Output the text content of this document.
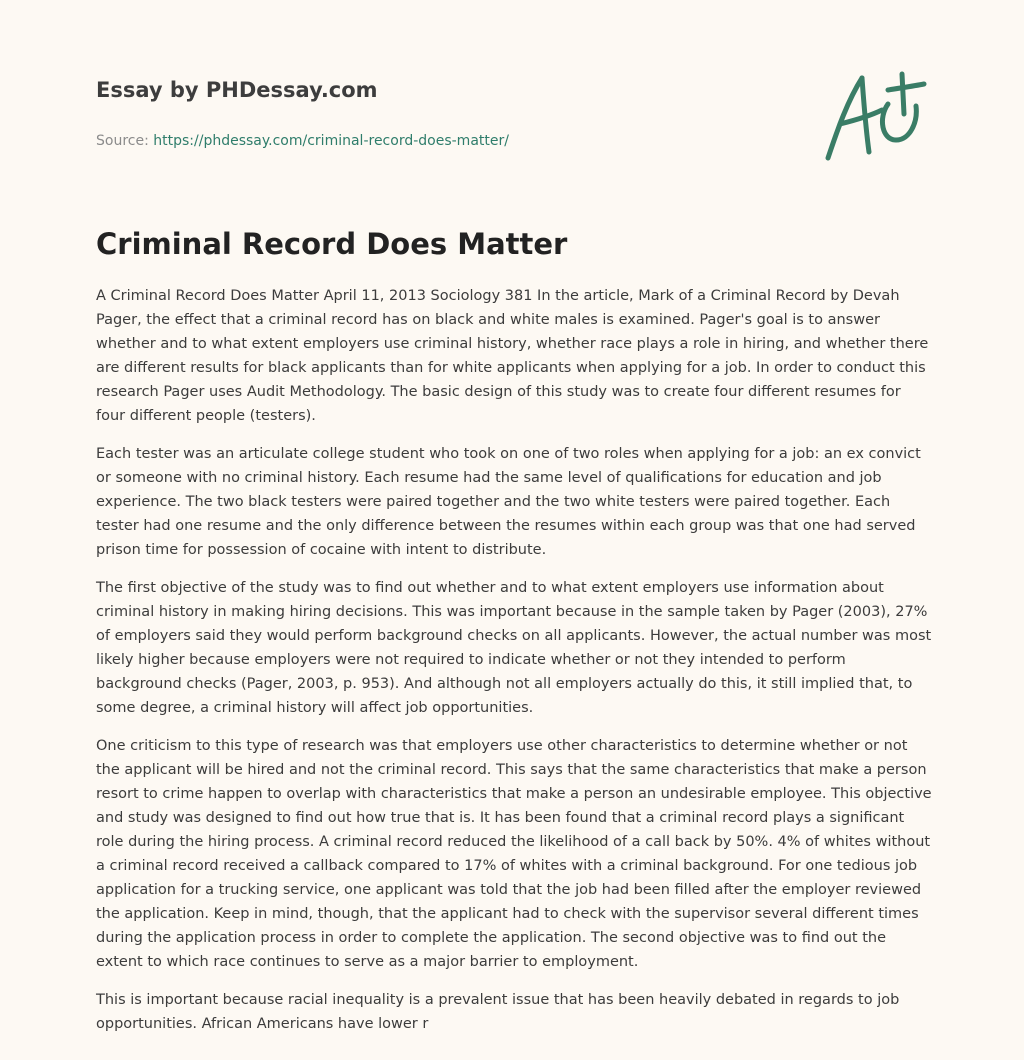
Essay by PHDessay.com
Source: https://phdessay.com/criminal-record-does-matter/
Criminal Record Does Matter

A Criminal Record Does Matter April 11, 2013 Sociology 381 In the article, Mark of a Criminal Record by Devah Pager, the effect that a criminal record has on black and white males is examined. Pager's goal is to answer whether and to what extent employers use criminal history, whether race plays a role in hiring, and whether there are different results for black applicants than for white applicants when applying for a job. In order to conduct this research Pager uses Audit Methodology. The basic design of this study was to create four different resumes for four different people (testers).

Each tester was an articulate college student who took on one of two roles when applying for a job: an ex convict or someone with no criminal history. Each resume had the same level of qualifications for education and job experience. The two black testers were paired together and the two white testers were paired together. Each tester had one resume and the only difference between the resumes within each group was that one had served prison time for possession of cocaine with intent to distribute.

The first objective of the study was to find out whether and to what extent employers use information about criminal history in making hiring decisions. This was important because in the sample taken by Pager (2003), 27% of employers said they would perform background checks on all applicants. However, the actual number was most likely higher because employers were not required to indicate whether or not they intended to perform background checks (Pager, 2003, p. 953). And although not all employers actually do this, it still implied that, to some degree, a criminal history will affect job opportunities.

One criticism to this type of research was that employers use other characteristics to determine whether or not the applicant will be hired and not the criminal record. This says that the same characteristics that make a person resort to crime happen to overlap with characteristics that make a person an undesirable employee. This objective and study was designed to find out how true that is. It has been found that a criminal record plays a significant role during the hiring process. A criminal record reduced the likelihood of a call back by 50%. 4% of whites without a criminal record received a callback compared to 17% of whites with a criminal background. For one tedious job application for a trucking service, one applicant was told that the job had been filled after the employer reviewed the application. Keep in mind, though, that the applicant had to check with the supervisor several different times during the application process in order to complete the application. The second objective was to find out the extent to which race continues to serve as a major barrier to employment.

This is important because racial inequality is a prevalent issue that has been heavily debated in regards to job opportunities. African Americans have lower r
